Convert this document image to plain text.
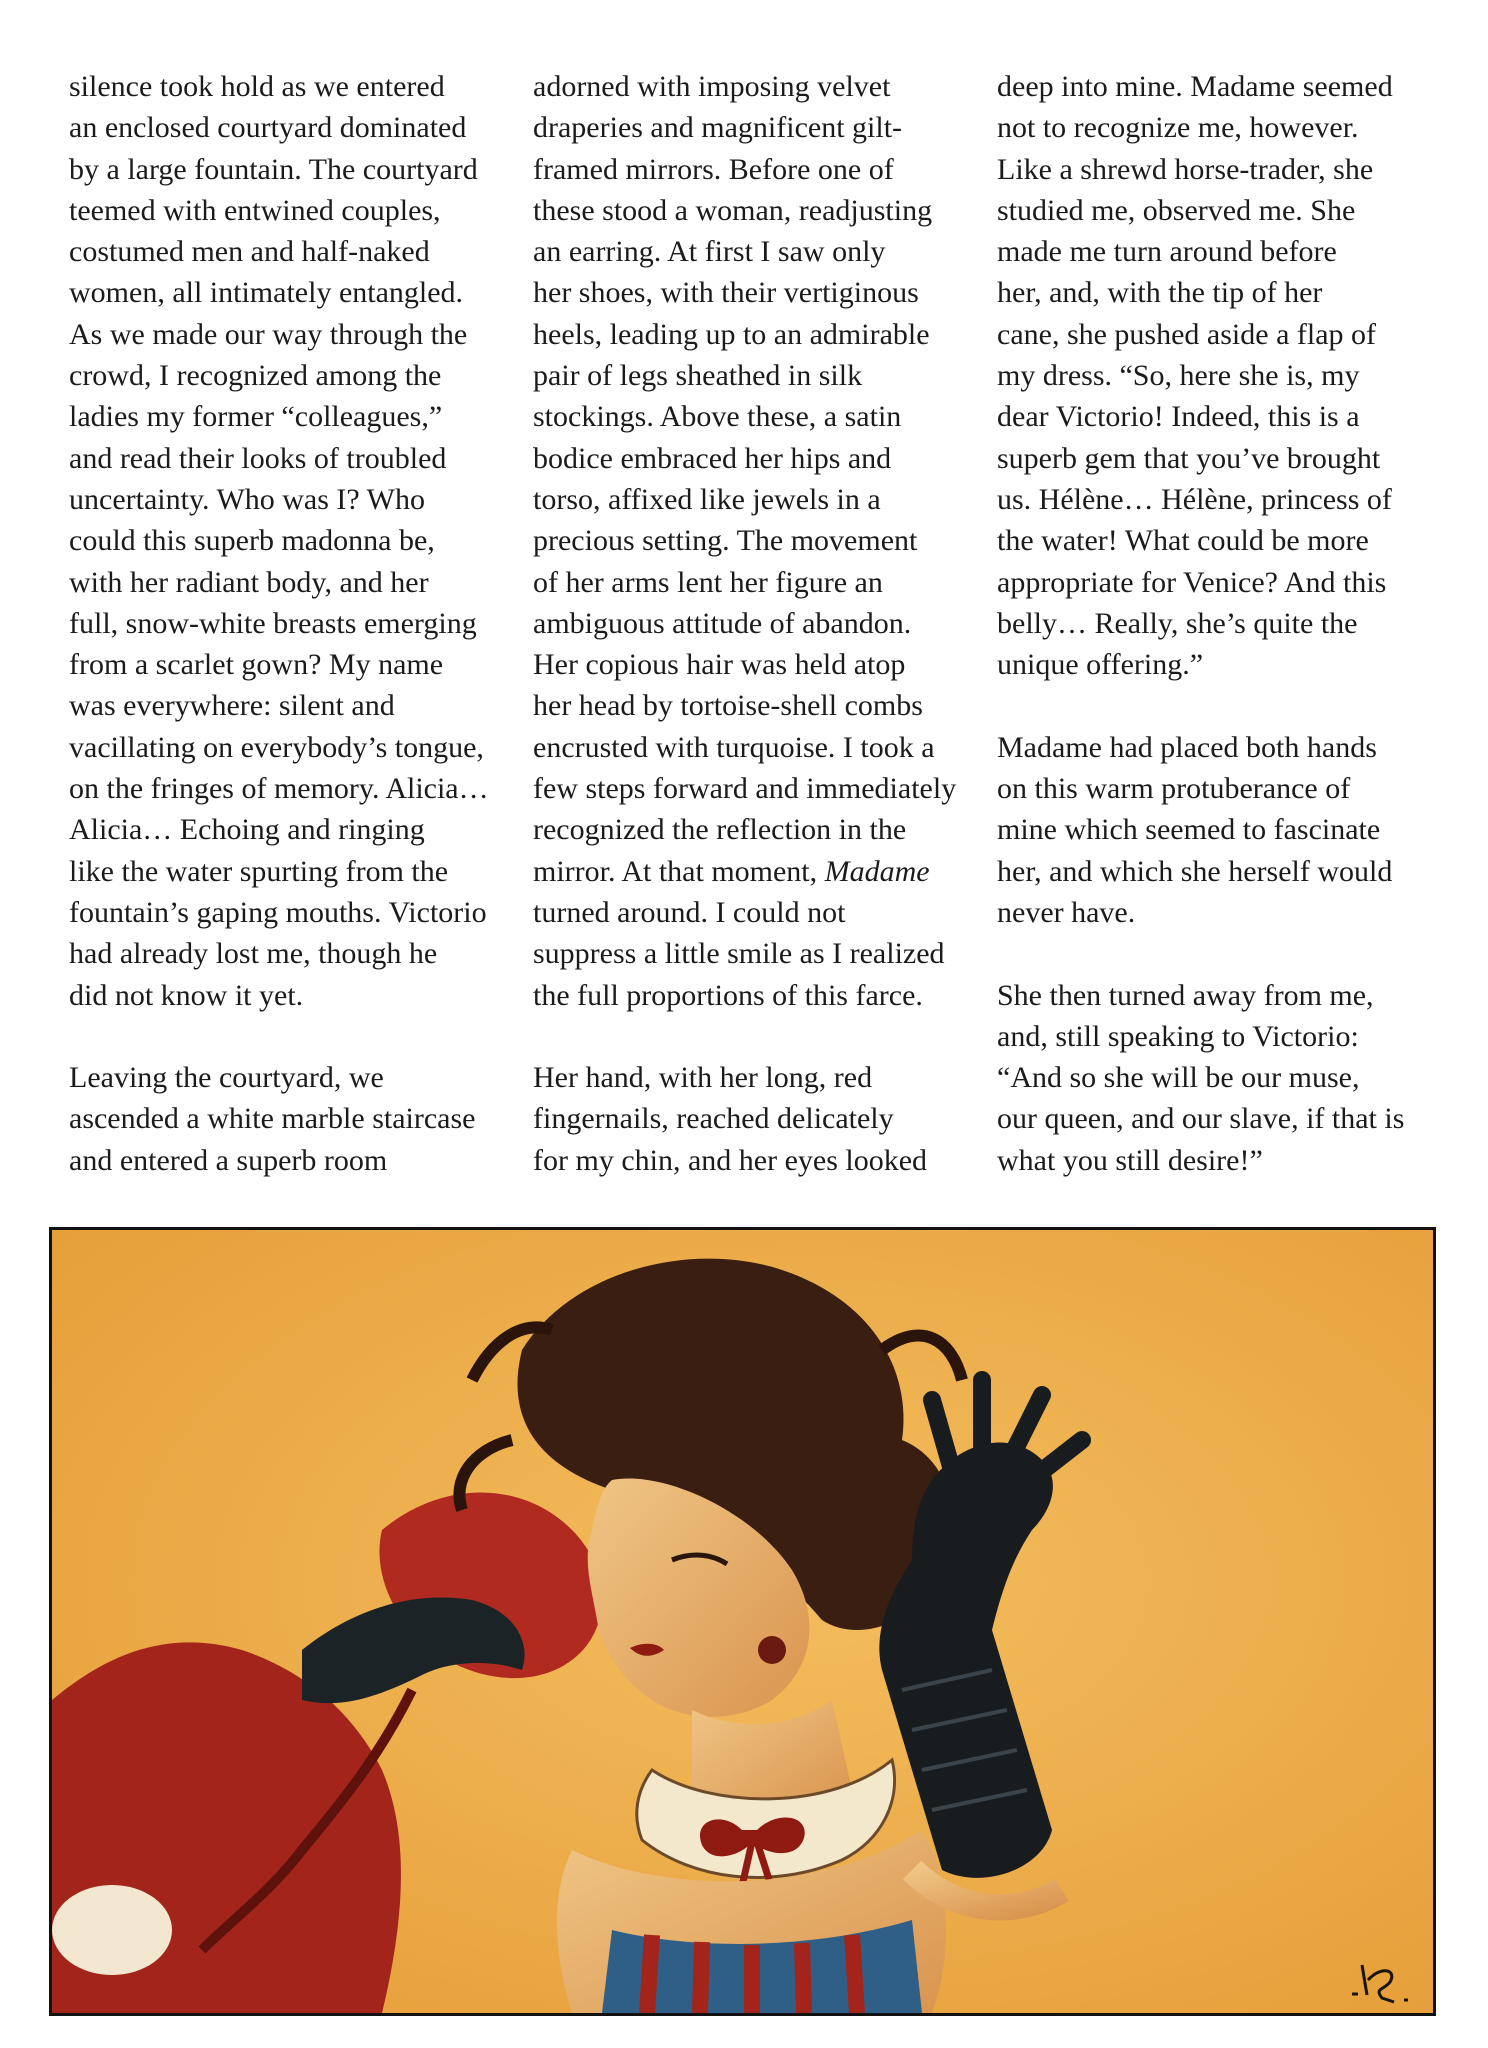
silence took hold as we entered
an enclosed courtyard dominated
by a large fountain. The courtyard
teemed with entwined couples,
costumed men and half-naked
women, all intimately entangled.
As we made our way through the
crowd, I recognized among the
ladies my former “colleagues,”
and read their looks of troubled
uncertainty. Who was I? Who
could this superb madonna be,
with her radiant body, and her
full, snow-white breasts emerging
from a scarlet gown? My name
was everywhere: silent and
vacillating on everybody’s tongue,
on the fringes of memory. Alicia…
Alicia… Echoing and ringing
like the water spurting from the
fountain’s gaping mouths. Victorio
had already lost me, though he
did not know it yet.

Leaving the courtyard, we
ascended a white marble staircase
and entered a superb room

adorned with imposing velvet
draperies and magnificent gilt-
framed mirrors. Before one of
these stood a woman, readjusting
an earring. At first I saw only
her shoes, with their vertiginous
heels, leading up to an admirable
pair of legs sheathed in silk
stockings. Above these, a satin
bodice embraced her hips and
torso, affixed like jewels in a
precious setting. The movement
of her arms lent her figure an
ambiguous attitude of abandon.
Her copious hair was held atop
her head by tortoise-shell combs
encrusted with turquoise. I took a
few steps forward and immediately
recognized the reflection in the
mirror. At that moment, Madame
turned around. I could not
suppress a little smile as I realized
the full proportions of this farce.

Her hand, with her long, red
fingernails, reached delicately
for my chin, and her eyes looked

deep into mine. Madame seemed
not to recognize me, however.
Like a shrewd horse-trader, she
studied me, observed me. She
made me turn around before
her, and, with the tip of her
cane, she pushed aside a flap of
my dress. “So, here she is, my
dear Victorio! Indeed, this is a
superb gem that you’ve brought
us. Hélène… Hélène, princess of
the water! What could be more
appropriate for Venice? And this
belly… Really, she’s quite the
unique offering.”

Madame had placed both hands
on this warm protuberance of
mine which seemed to fascinate
her, and which she herself would
never have.

She then turned away from me,
and, still speaking to Victorio:
“And so she will be our muse,
our queen, and our slave, if that is
what you still desire!”
